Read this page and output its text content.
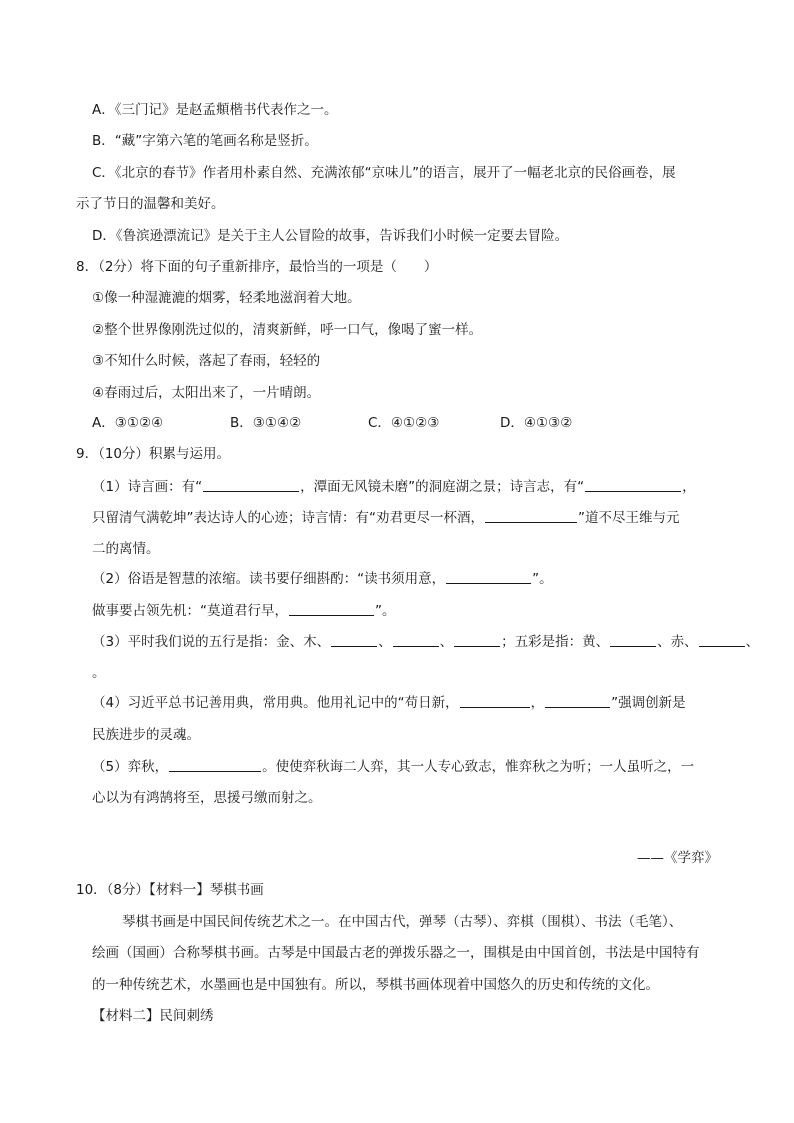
A．《三门记》是赵孟頫楷书代表作之一。
B．“藏”字第六笔的笔画名称是竖折。
C．《北京的春节》作者用朴素自然、充满浓郁“京味儿”的语言，展开了一幅老北京的民俗画卷，展
示了节日的温馨和美好。
D．《鲁滨逊漂流记》是关于主人公冒险的故事，告诉我们小时候一定要去冒险。
8．（2分）将下面的句子重新排序，最恰当的一项是（　　）
①像一种湿漉漉的烟雾，轻柔地滋润着大地。
②整个世界像刚洗过似的，清爽新鲜，呼一口气，像喝了蜜一样。
③不知什么时候，落起了春雨，轻轻的
④春雨过后，太阳出来了，一片晴朗。
A．③①②④	B．③①④②	C．④①②③	D．④①③②
9．（10分）积累与运用。
（1）诗言画：有“	，潭面无风镜未磨”的洞庭湖之景；诗言志，有“	，
只留清气满乾坤”表达诗人的心迹；诗言情：有“劝君更尽一杯酒，	”道不尽王维与元
二的离情。
（2）俗语是智慧的浓缩。读书要仔细斟酌：“读书须用意，	”。
做事要占领先机：“莫道君行早，	”。
（3）平时我们说的五行是指：金、木、	、	、	；五彩是指：黄、	、赤、	、
。
（4）习近平总书记善用典，常用典。他用礼记中的“苟日新，	，	”强调创新是
民族进步的灵魂。
（5）弈秋，	。使使弈秋诲二人弈，其一人专心致志，惟弈秋之为听；一人虽听之，一
心以为有鸿鹄将至，思援弓缴而射之。
——《学弈》
10．（8分）【材料一】琴棋书画
琴棋书画是中国民间传统艺术之一。在中国古代，弹琴（古琴）、弈棋（围棋）、书法（毛笔）、
绘画（国画）合称琴棋书画。古琴是中国最古老的弹拨乐器之一，围棋是由中国首创，书法是中国特有
的一种传统艺术，水墨画也是中国独有。所以，琴棋书画体现着中国悠久的历史和传统的文化。
【材料二】民间刺绣
